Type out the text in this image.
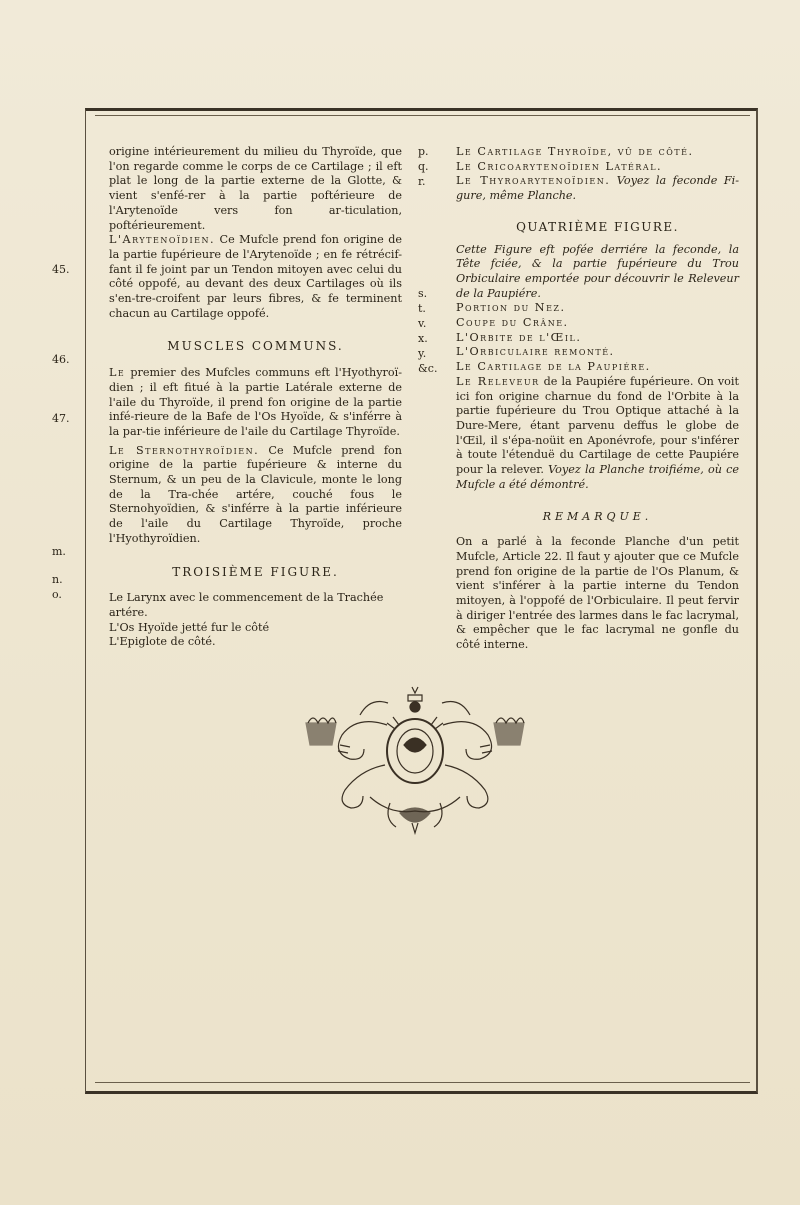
45.
46.
47.
m.
n.
o.

origine intérieurement du milieu du Thyroïde, que l'on regarde comme le corps de ce Cartilage ; il eft plat le long de la partie externe de la Glotte, & vient s'enfé-rer à la partie poftérieure de l'Arytenoïde vers fon ar-ticulation, poftérieurement.

L'Arytenoïdien. Ce Mufcle prend fon origine de la partie fupérieure de l'Arytenoïde ; en fe rétrécif-fant il fe joint par un Tendon mitoyen avec celui du côté oppofé, au devant des deux Cartilages où ils s'en-tre-croifent par leurs fibres, & fe terminent chacun au Cartilage oppofé.

MUSCLES COMMUNS.

Le premier des Mufcles communs eft l'Hyothyroï-dien ; il eft fitué à la partie Latérale externe de l'aile du Thyroïde, il prend fon origine de la partie infé-rieure de la Bafe de l'Os Hyoïde, & s'inférre à la par-tie inférieure de l'aile du Cartilage Thyroïde.

Le Sternothyroïdien. Ce Mufcle prend fon origine de la partie fupérieure & interne du Sternum, & un peu de la Clavicule, monte le long de la Tra-chée artére, couché fous le Sternohyoïdien, & s'inférre à la partie inférieure de l'aile du Cartilage Thyroïde, proche l'Hyothyroïdien.

TROISIÈME FIGURE.

Le Larynx avec le commencement de la Trachée artére.

L'Os Hyoïde jetté fur le côté

L'Epiglote de côté.

p.
q.
r.
s.
t.
v.
x.
y.
&c.

Le Cartilage Thyroïde, vû de côté.

Le Cricoarytenoïdien Latéral.

Le Thyroarytenoïdien. Voyez la feconde Fi-gure, même Planche.

QUATRIÈME FIGURE.

Cette Figure eft pofée derriére la feconde, la Tête fciée, & la partie fupérieure du Trou Orbiculaire emportée pour découvrir le Releveur de la Paupiére.

Portion du Nez.

Coupe du Crâne.

L'Orbite de l'Œil.

L'Orbiculaire remonté.

Le Cartilage de la Paupiére.

Le Releveur de la Paupiére fupérieure. On voit ici fon origine charnue du fond de l'Orbite à la partie fupérieure du Trou Optique attaché à la Dure-Mere, étant parvenu deffus le globe de l'Œil, il s'épa-noüit en Aponévrofe, pour s'inférer à toute l'étenduë du Cartilage de cette Paupiére pour la relever. Voyez la Planche troifiéme, où ce Mufcle a été démontré.

REMARQUE.

On a parlé à la feconde Planche d'un petit Mufcle, Article 22. Il faut y ajouter que ce Mufcle prend fon origine de la partie de l'Os Planum, & vient s'inférer à la partie interne du Tendon mitoyen, à l'oppofé de l'Orbiculaire. Il peut fervir à diriger l'entrée des larmes dans le fac lacrymal, & empêcher que le fac lacrymal ne gonfle du côté interne.
